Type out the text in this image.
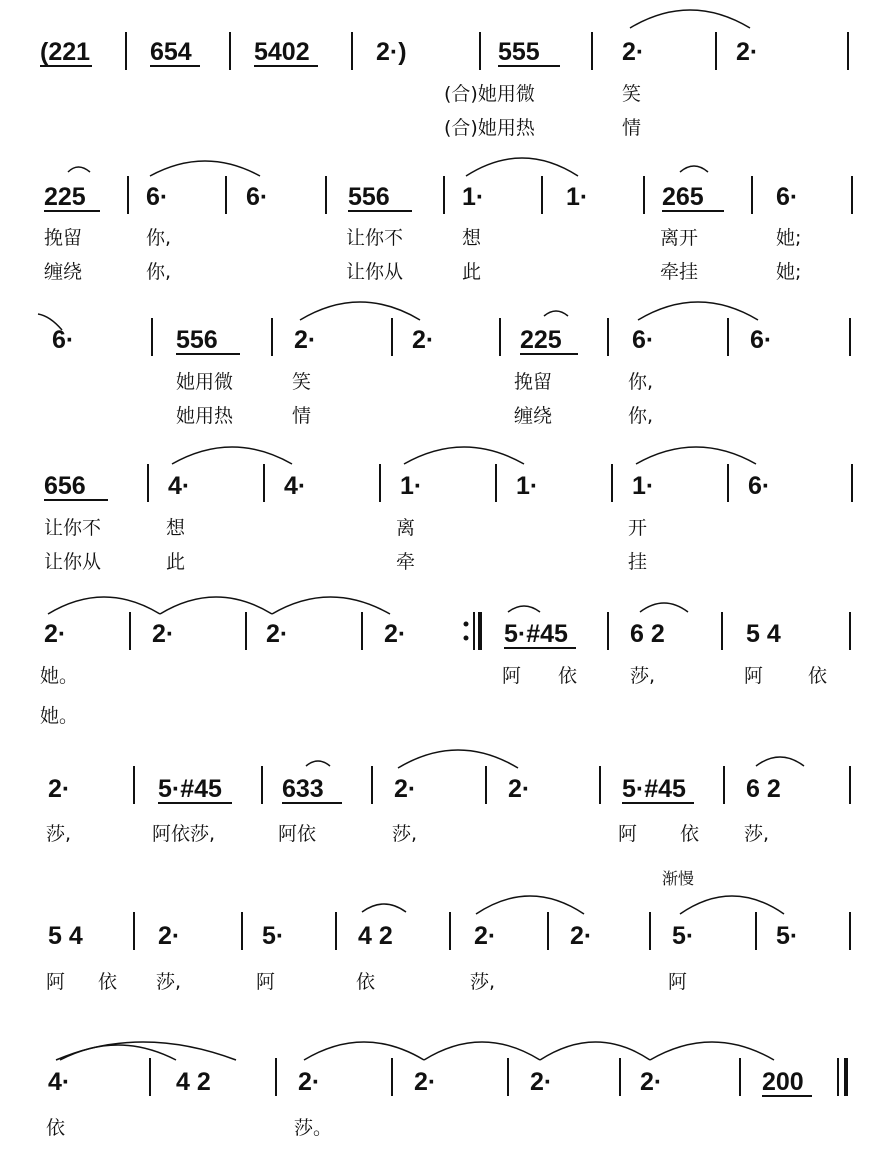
(221 654 5402	2·)	555	2·	2·
(合)她用微	笑
(合)她用热	情
225 6·	6·	556	1·	1·	265	6·
挽留	你,	让你不	想	离开	她;
缠绕	你,	让你从	此	牵挂	她;
6·	556	2·	2·	225	6·	6·
她用微	笑	挽留	你,
她用热	情	缠绕	你,
656	4·	4·	1·	1·	1·	6·
让你不	想	离	开
让你从	此	牵	挂
2·	2·	2·	2·	5·#45 6 2	5 4
她。	阿 依	莎,	阿 依
她。
2·	5·#45 633	2·	2·	5·#45 6 2
莎,	阿依莎,	阿依	莎,	阿 依 莎,
渐慢
5 4	2·	5·	4 2	2·	2·	5·	5·
阿 依 莎,	阿	依	莎,	阿
4·	4 2	2·	2·	2·	2·	200
依	莎。
